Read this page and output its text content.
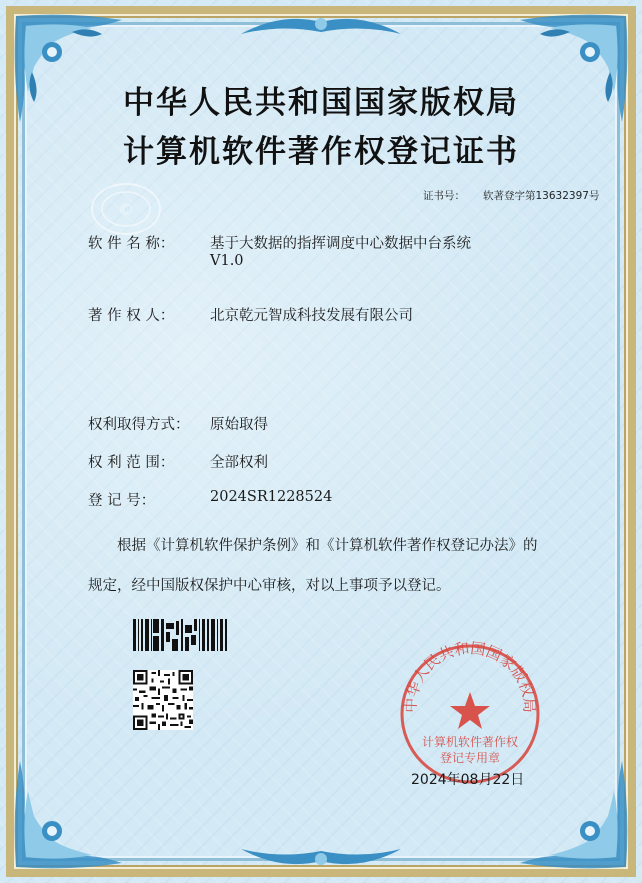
中华人民共和国国家版权局
计算机软件著作权登记证书
©
证书号： 软著登字第13632397号
软 件 名 称： 基于大数据的指挥调度中心数据中台系统
V1.0
著 作 权 人： 北京乾元智成科技发展有限公司
权利取得方式： 原始取得
权 利 范 围： 全部权利
登 记 号：	2024SR1228524
根据《计算机软件保护条例》和《计算机软件著作权登记办法》的
规定，经中国版权保护中心审核，对以上事项予以登记。
中华人民共和国国家版权局
计算机软件著作权
登记专用章
2024年08月22日
